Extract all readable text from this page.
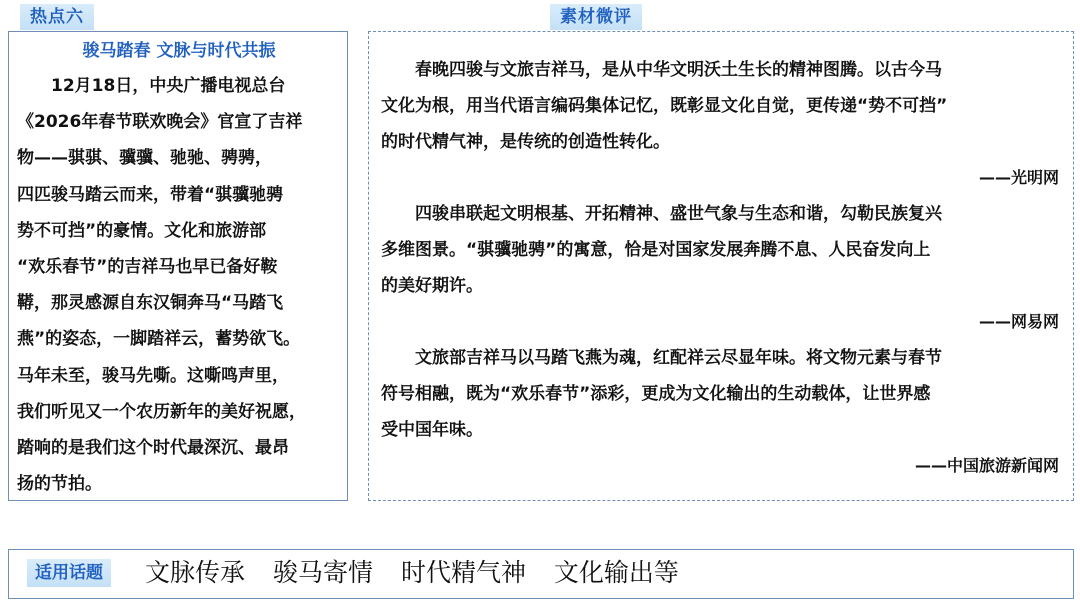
热点六	素材微评
骏马踏春 文脉与时代共振
　　12月18日，中央广播电视总台
《2026年春节联欢晚会》官宣了吉祥
物——骐骐、骥骥、驰驰、骋骋，
四匹骏马踏云而来，带着“骐骥驰骋
势不可挡”的豪情。文化和旅游部
“欢乐春节”的吉祥马也早已备好鞍
鞯，那灵感源自东汉铜奔马“马踏飞
燕”的姿态，一脚踏祥云，蓄势欲飞。
马年未至，骏马先嘶。这嘶鸣声里，
我们听见又一个农历新年的美好祝愿，
踏响的是我们这个时代最深沉、最昂
扬的节拍。
　　春晚四骏与文旅吉祥马，是从中华文明沃土生长的精神图腾。以古今马
文化为根，用当代语言编码集体记忆，既彰显文化自觉，更传递“势不可挡”
的时代精气神，是传统的创造性转化。
——光明网
　　四骏串联起文明根基、开拓精神、盛世气象与生态和谐，勾勒民族复兴
多维图景。“骐骥驰骋”的寓意，恰是对国家发展奔腾不息、人民奋发向上
的美好期许。
——网易网
　　文旅部吉祥马以马踏飞燕为魂，红配祥云尽显年味。将文物元素与春节
符号相融，既为“欢乐春节”添彩，更成为文化输出的生动载体，让世界感
受中国年味。
——中国旅游新闻网
适用话题	文脉传承 骏马寄情 时代精气神 文化输出等
